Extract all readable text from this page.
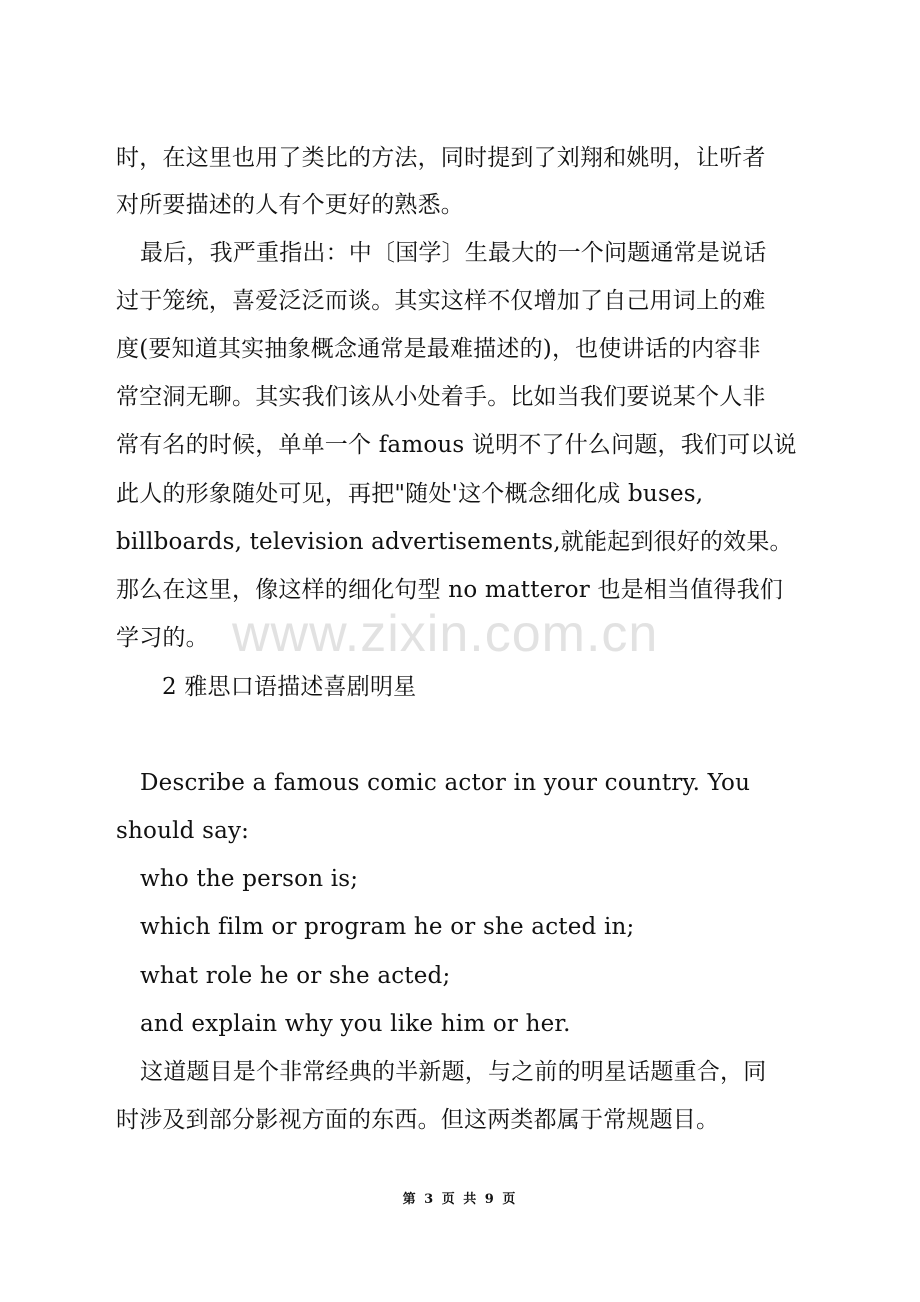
时，在这里也用了类比的方法，同时提到了刘翔和姚明，让听者
对所要描述的人有个更好的熟悉。
最后，我严重指出：中〔国学〕生最大的一个问题通常是说话
过于笼统，喜爱泛泛而谈。其实这样不仅增加了自己用词上的难
度(要知道其实抽象概念通常是最难描述的)，也使讲话的内容非
常空洞无聊。其实我们该从小处着手。比如当我们要说某个人非
常有名的时候，单单一个 famous 说明不了什么问题，我们可以说
此人的形象随处可见，再把"随处'这个概念细化成 buses,
billboards, television advertisements,就能起到很好的效果。
那么在这里，像这样的细化句型 no matteror 也是相当值得我们
学习的。 www.zixin.com.cn
2 雅思口语描述喜剧明星
Describe a famous comic actor in your country. You
should say:
who the person is;
which film or program he or she acted in;
what role he or she acted;
and explain why you like him or her.
这道题目是个非常经典的半新题，与之前的明星话题重合，同
时涉及到部分影视方面的东西。但这两类都属于常规题目。
第 3 页 共 9 页
